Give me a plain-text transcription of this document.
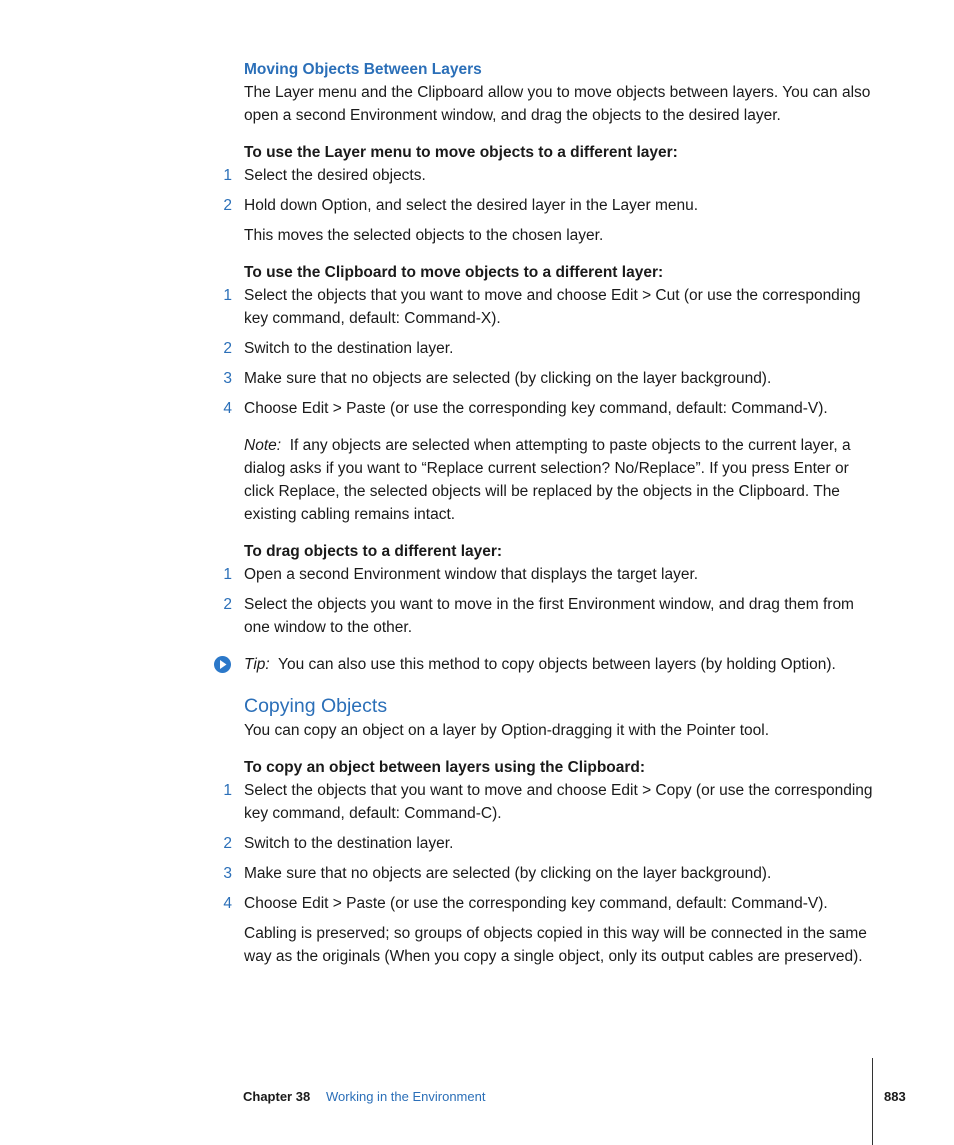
Moving Objects Between Layers
The Layer menu and the Clipboard allow you to move objects between layers. You can also open a second Environment window, and drag the objects to the desired layer.
To use the Layer menu to move objects to a different layer:
1 Select the desired objects.
2 Hold down Option, and select the desired layer in the Layer menu.
This moves the selected objects to the chosen layer.
To use the Clipboard to move objects to a different layer:
1 Select the objects that you want to move and choose Edit > Cut (or use the corresponding key command, default: Command-X).
2 Switch to the destination layer.
3 Make sure that no objects are selected (by clicking on the layer background).
4 Choose Edit > Paste (or use the corresponding key command, default: Command-V).
Note: If any objects are selected when attempting to paste objects to the current layer, a dialog asks if you want to “Replace current selection? No/Replace”. If you press Enter or click Replace, the selected objects will be replaced by the objects in the Clipboard. The existing cabling remains intact.
To drag objects to a different layer:
1 Open a second Environment window that displays the target layer.
2 Select the objects you want to move in the first Environment window, and drag them from one window to the other.
Tip: You can also use this method to copy objects between layers (by holding Option).
Copying Objects
You can copy an object on a layer by Option-dragging it with the Pointer tool.
To copy an object between layers using the Clipboard:
1 Select the objects that you want to move and choose Edit > Copy (or use the corresponding key command, default: Command-C).
2 Switch to the destination layer.
3 Make sure that no objects are selected (by clicking on the layer background).
4 Choose Edit > Paste (or use the corresponding key command, default: Command-V).
Cabling is preserved; so groups of objects copied in this way will be connected in the same way as the originals (When you copy a single object, only its output cables are preserved).
Chapter 38 Working in the Environment	883
